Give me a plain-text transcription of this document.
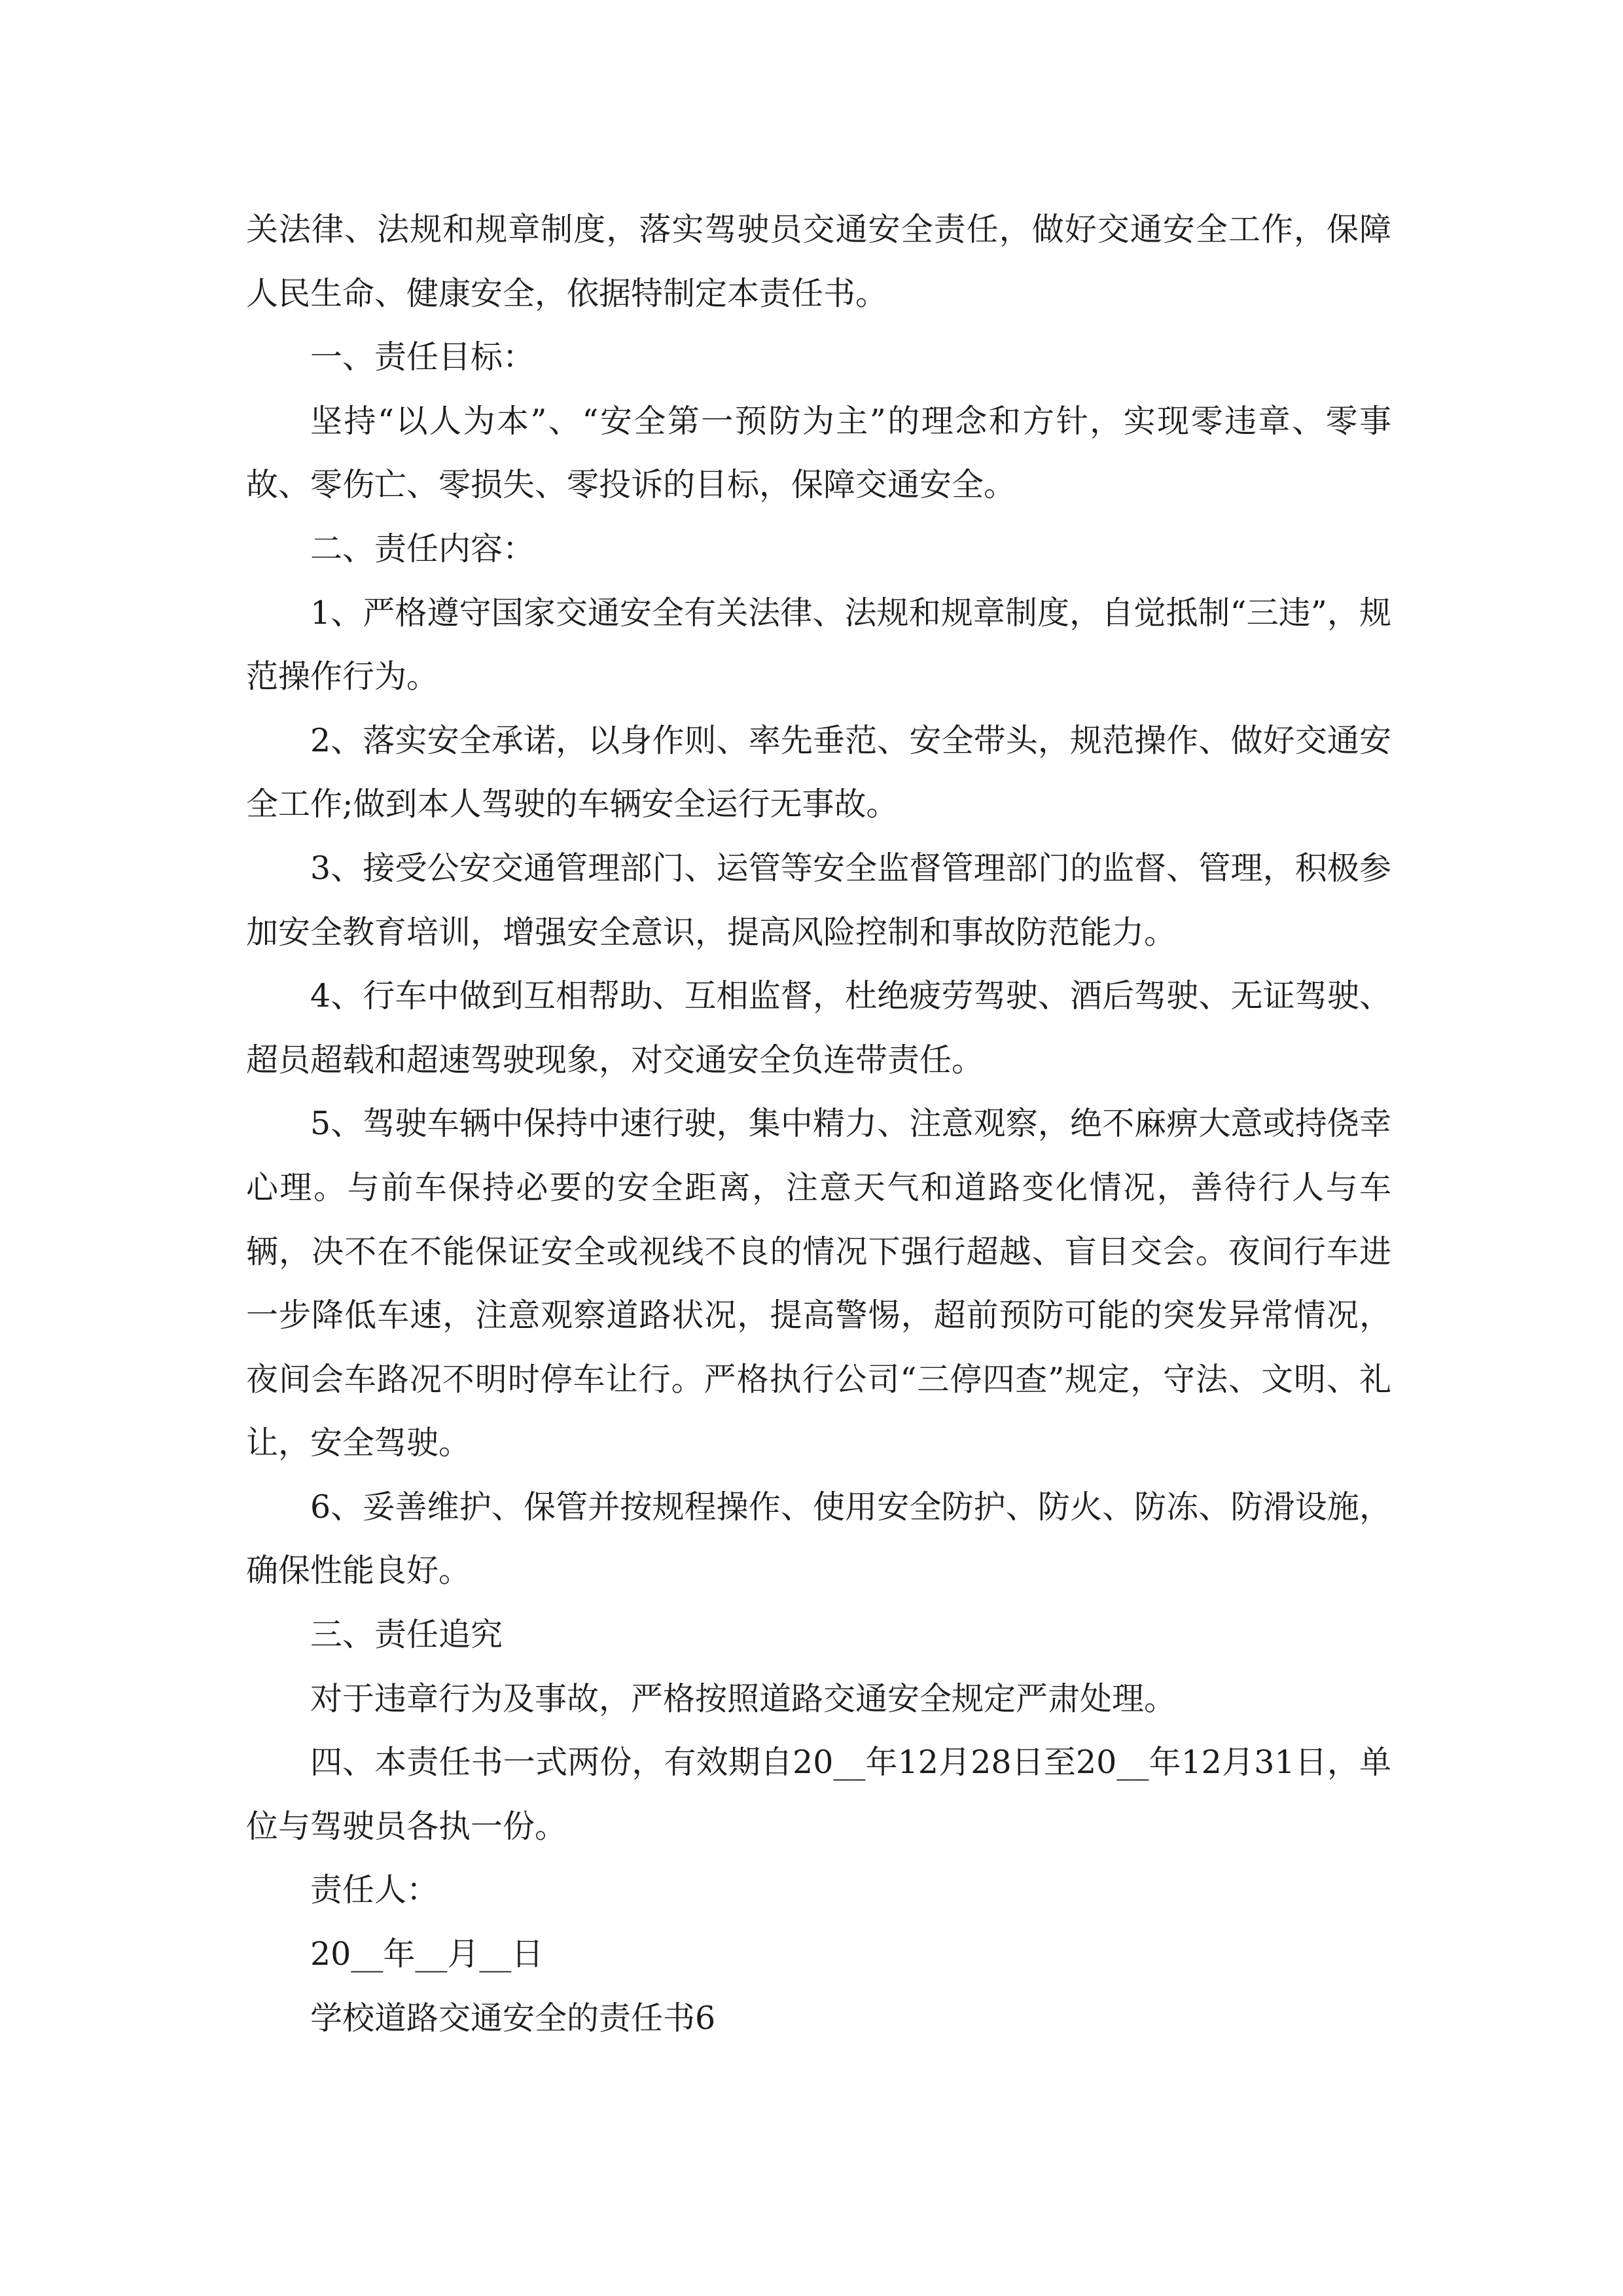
关法律、法规和规章制度，落实驾驶员交通安全责任，做好交通安全工作，保障人民生命、健康安全，依据特制定本责任书。

一、责任目标：

坚持“以人为本”、“安全第一预防为主”的理念和方针，实现零违章、零事故、零伤亡、零损失、零投诉的目标，保障交通安全。

二、责任内容：

1、严格遵守国家交通安全有关法律、法规和规章制度，自觉抵制“三违”，规范操作行为。

2、落实安全承诺，以身作则、率先垂范、安全带头，规范操作、做好交通安全工作;做到本人驾驶的车辆安全运行无事故。

3、接受公安交通管理部门、运管等安全监督管理部门的监督、管理，积极参加安全教育培训，增强安全意识，提高风险控制和事故防范能力。

4、行车中做到互相帮助、互相监督，杜绝疲劳驾驶、酒后驾驶、无证驾驶、超员超载和超速驾驶现象，对交通安全负连带责任。

5、驾驶车辆中保持中速行驶，集中精力、注意观察，绝不麻痹大意或持侥幸心理。与前车保持必要的安全距离，注意天气和道路变化情况，善待行人与车辆，决不在不能保证安全或视线不良的情况下强行超越、盲目交会。夜间行车进一步降低车速，注意观察道路状况，提高警惕，超前预防可能的突发异常情况，夜间会车路况不明时停车让行。严格执行公司“三停四查”规定，守法、文明、礼让，安全驾驶。

6、妥善维护、保管并按规程操作、使用安全防护、防火、防冻、防滑设施，确保性能良好。

三、责任追究

对于违章行为及事故，严格按照道路交通安全规定严肃处理。

四、本责任书一式两份，有效期自20__年12月28日至20__年12月31日，单位与驾驶员各执一份。

责任人：

20__年__月__日

学校道路交通安全的责任书6
